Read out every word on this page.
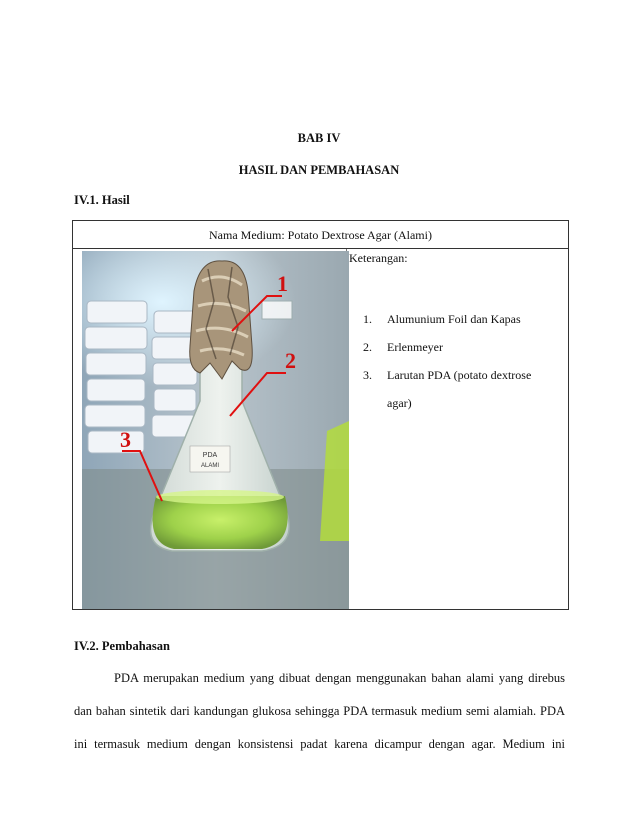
BAB IV
HASIL DAN PEMBAHASAN
IV.1. Hasil
Nama Medium: Potato Dextrose Agar (Alami)
PDA
ALAMI
1
2
3
Keterangan:
1.	Alumunium Foil dan Kapas
2.	Erlenmeyer
3.	Larutan PDA (potato dextrose agar)
IV.2. Pembahasan
PDA merupakan medium yang dibuat dengan menggunakan bahan alami yang direbus
dan bahan sintetik dari kandungan glukosa sehingga PDA termasuk medium semi alamiah. PDA
ini termasuk medium dengan konsistensi padat karena dicampur dengan agar. Medium ini
